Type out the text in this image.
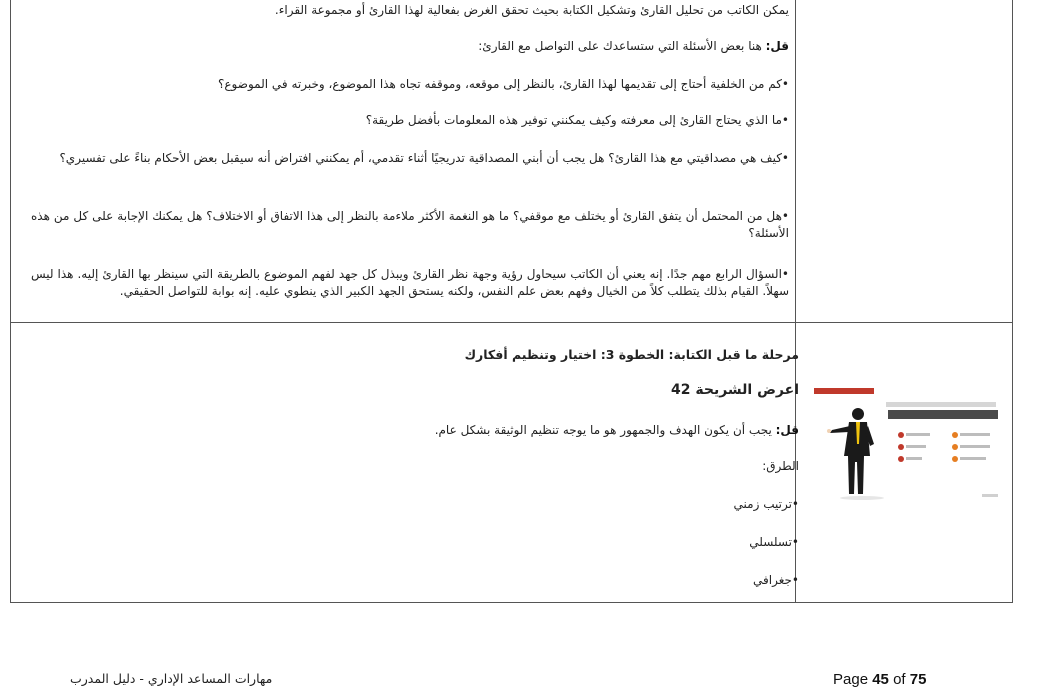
يمكن الكاتب من تحليل القارئ وتشكيل الكتابة بحيث تحقق الغرض بفعالية لهذا القارئ أو مجموعة القراء.
قل: هنا بعض الأسئلة التي ستساعدك على التواصل مع القارئ:
•كم من الخلفية أحتاج إلى تقديمها لهذا القارئ، بالنظر إلى موقعه، وموقفه تجاه هذا الموضوع، وخبرته في الموضوع؟
•ما الذي يحتاج القارئ إلى معرفته وكيف يمكنني توفير هذه المعلومات بأفضل طريقة؟
•كيف هي مصداقيتي مع هذا القارئ؟ هل يجب أن أبني المصداقية تدريجيًا أثناء تقدمي، أم يمكنني افتراض أنه سيقبل بعض الأحكام بناءً على تفسيري؟
•هل من المحتمل أن يتفق القارئ أو يختلف مع موقفي؟ ما هو النغمة الأكثر ملاءمة بالنظر إلى هذا الاتفاق أو الاختلاف؟ هل يمكنك الإجابة على كل من هذه الأسئلة؟
•السؤال الرابع مهم جدًا. إنه يعني أن الكاتب سيحاول رؤية وجهة نظر القارئ ويبذل كل جهد لفهم الموضوع بالطريقة التي سينظر بها القارئ إليه. هذا ليس سهلاً. القيام بذلك يتطلب كلاً من الخيال وفهم بعض علم النفس، ولكنه يستحق الجهد الكبير الذي ينطوي عليه. إنه بوابة للتواصل الحقيقي.
مرحلة ما قبل الكتابة: الخطوة 3: اختيار وتنظيم أفكارك
اعرض الشريحة 42
قل: يجب أن يكون الهدف والجمهور هو ما يوجه تنظيم الوثيقة بشكل عام.
الطرق:
•ترتيب زمني
•تسلسلي
•جغرافي
مهارات المساعد الإداري - دليل المدرب	Page 45 of 75
